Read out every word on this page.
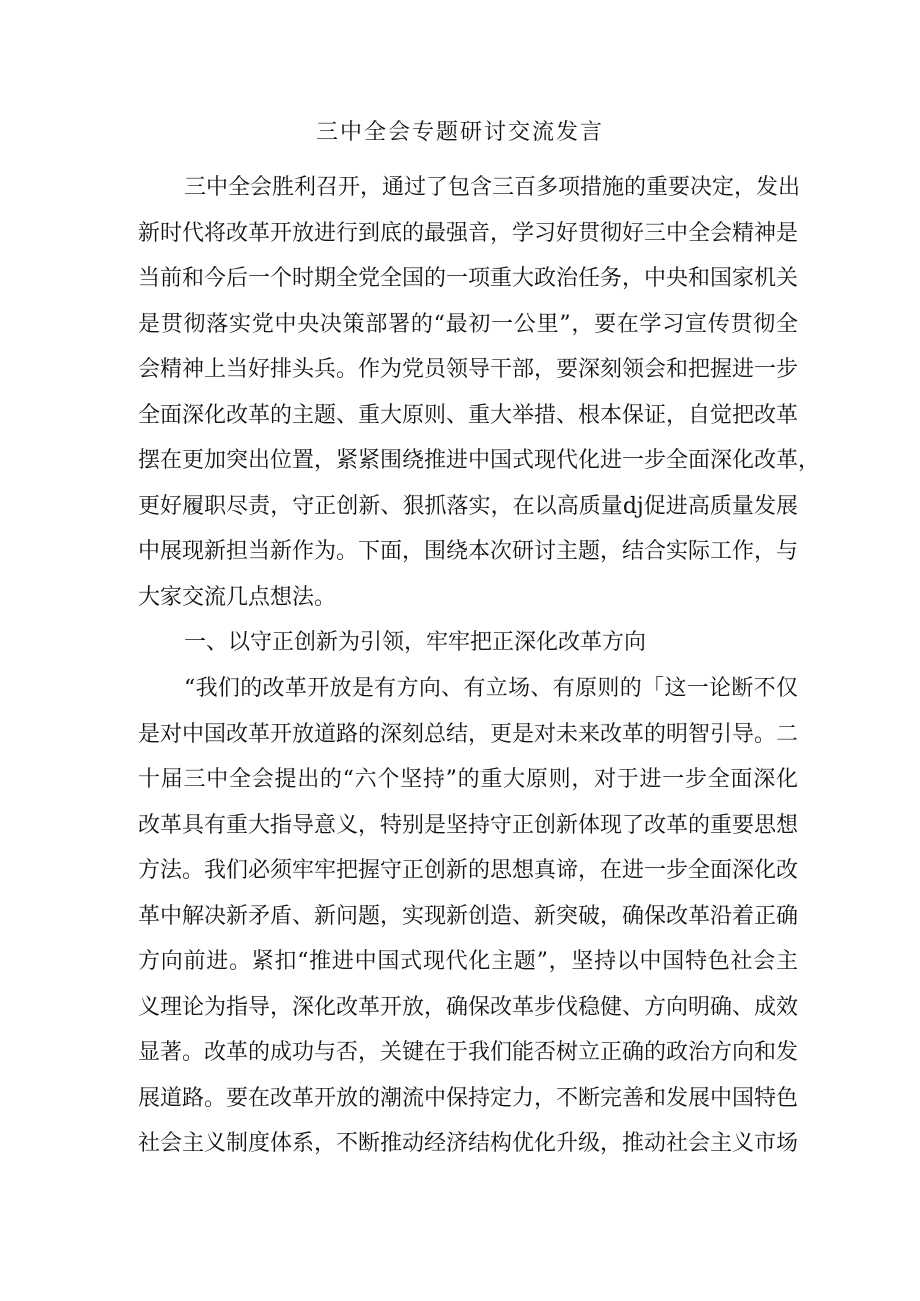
三中全会专题研讨交流发言
三中全会胜利召开，通过了包含三百多项措施的重要决定，发出
新时代将改革开放进行到底的最强音，学习好贯彻好三中全会精神是
当前和今后一个时期全党全国的一项重大政治任务，中央和国家机关
是贯彻落实党中央决策部署的“最初一公里”，要在学习宣传贯彻全
会精神上当好排头兵。作为党员领导干部，要深刻领会和把握进一步
全面深化改革的主题、重大原则、重大举措、根本保证，自觉把改革
摆在更加突出位置，紧紧围绕推进中国式现代化进一步全面深化改革，
更好履职尽责，守正创新、狠抓落实，在以高质量dj促进高质量发展
中展现新担当新作为。下面，围绕本次研讨主题，结合实际工作，与
大家交流几点想法。
一、以守正创新为引领，牢牢把正深化改革方向
“我们的改革开放是有方向、有立场、有原则的「这一论断不仅
是对中国改革开放道路的深刻总结，更是对未来改革的明智引导。二
十届三中全会提出的“六个坚持”的重大原则，对于进一步全面深化
改革具有重大指导意义，特别是坚持守正创新体现了改革的重要思想
方法。我们必须牢牢把握守正创新的思想真谛，在进一步全面深化改
革中解决新矛盾、新问题，实现新创造、新突破，确保改革沿着正确
方向前进。紧扣“推进中国式现代化主题”，坚持以中国特色社会主
义理论为指导，深化改革开放，确保改革步伐稳健、方向明确、成效
显著。改革的成功与否，关键在于我们能否树立正确的政治方向和发
展道路。要在改革开放的潮流中保持定力，不断完善和发展中国特色
社会主义制度体系，不断推动经济结构优化升级，推动社会主义市场
